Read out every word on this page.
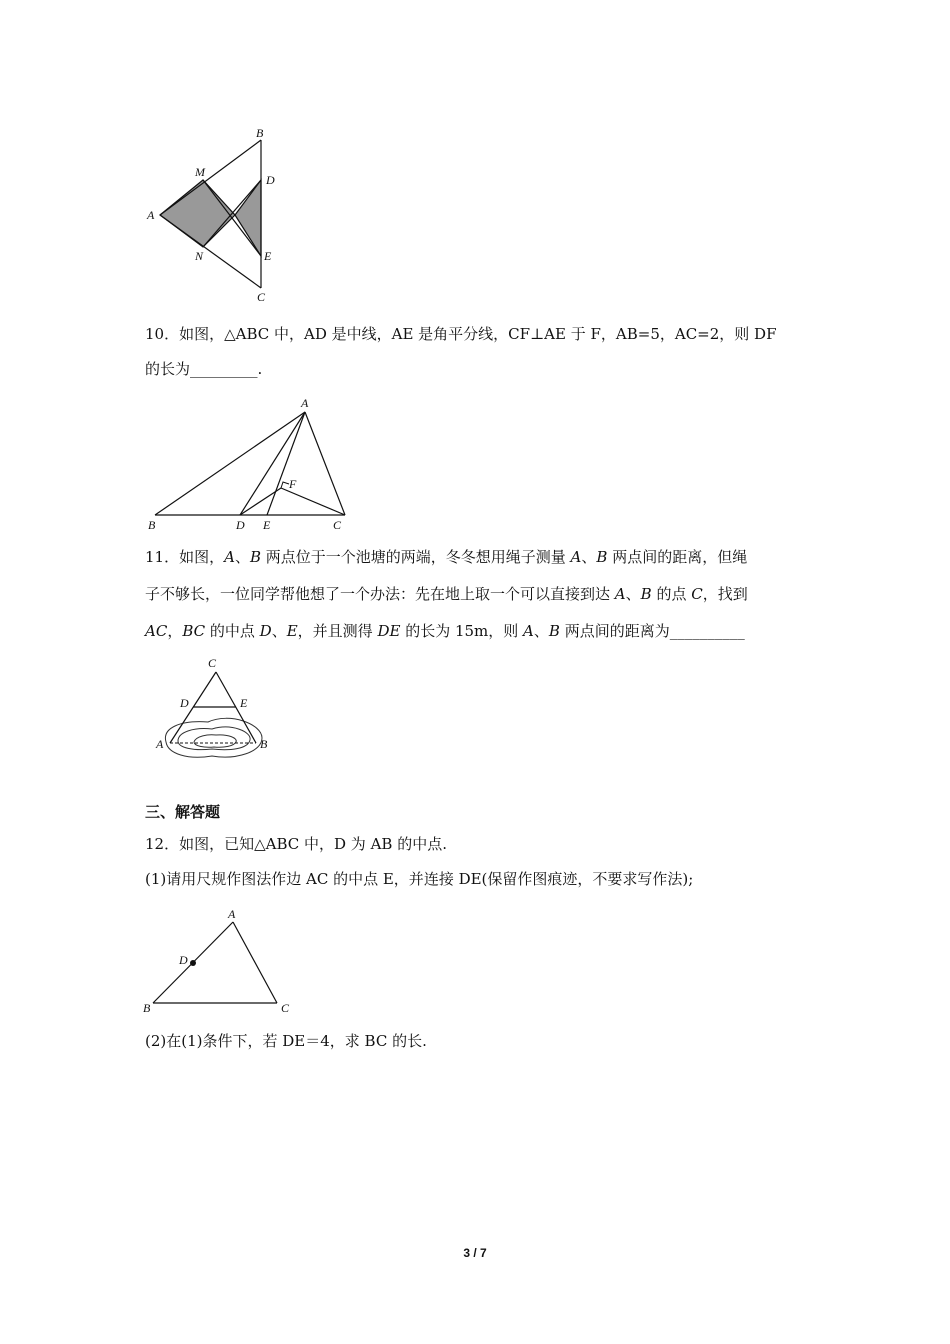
A
B
M
D
N	E
C
10．如图，△ABC 中，AD 是中线，AE 是角平分线，CF⊥AE 于 F，AB=5，AC=2，则 DF
的长为_________.
A
B	D E	C
F
11．如图，A、B 两点位于一个池塘的两端，冬冬想用绳子测量 A、B 两点间的距离，但绳
子不够长，一位同学帮他想了一个办法：先在地上取一个可以直接到达 A、B 的点 C，找到
AC，BC 的中点 D、E，并且测得 DE 的长为 15m，则 A、B 两点间的距离为__________
C
D	E
A	B
三、解答题
12．如图，已知△ABC 中，D 为 AB 的中点.
(1)请用尺规作图法作边 AC 的中点 E，并连接 DE(保留作图痕迹，不要求写作法);
A
D
B	C
(2)在(1)条件下，若 DE＝4，求 BC 的长.
3 / 7
